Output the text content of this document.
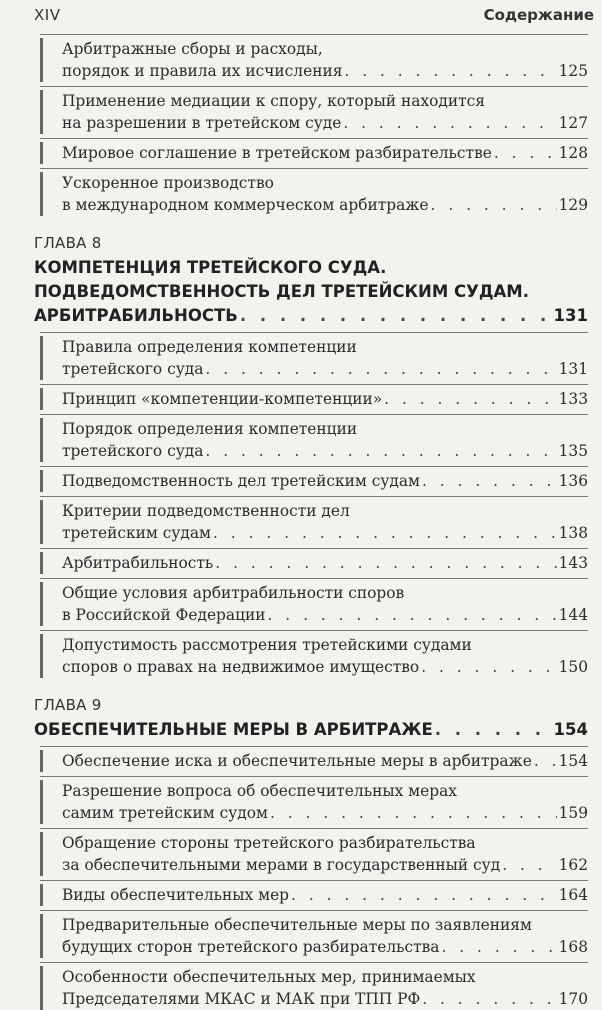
XIV	Содержание
Арбитражные сборы и расходы,
порядок и правила их исчисления . . .	125
Применение медиации к спору, который находится
на разрешении в третейском суде . . .	127
Мировое соглашение в третейском разбирательстве . . .	128
Ускоренное производство
в международном коммерческом арбитраже . . .	129
ГЛАВА 8
КОМПЕТЕНЦИЯ ТРЕТЕЙСКОГО СУДА.
ПОДВЕДОМСТВЕННОСТЬ ДЕЛ ТРЕТЕЙСКИМ СУДАМ.
АРБИТРАБИЛЬНОСТЬ . . .	131
Правила определения компетенции
третейского суда . . .	131
Принцип «компетенции-компетенции» . . .	133
Порядок определения компетенции
третейского суда . . .	135
Подведомственность дел третейским судам . . .	136
Критерии подведомственности дел
третейским судам . . .	138
Арбитрабильность . . .	143
Общие условия арбитрабильности споров
в Российской Федерации . . .	144
Допустимость рассмотрения третейскими судами
споров о правах на недвижимое имущество . . .	150
ГЛАВА 9
ОБЕСПЕЧИТЕЛЬНЫЕ МЕРЫ В АРБИТРАЖЕ . . .	154
Обеспечение иска и обеспечительные меры в арбитраже . . . 154
Разрешение вопроса об обеспечительных мерах
самим третейским судом . . .	159
Обращение стороны третейского разбирательства
за обеспечительными мерами в государственный суд . . .	162
Виды обеспечительных мер . . .	164
Предварительные обеспечительные меры по заявлениям
будущих сторон третейского разбирательства . . .	168
Особенности обеспечительных мер, принимаемых
Председателями МКАС и МАК при ТПП РФ . . .	170
